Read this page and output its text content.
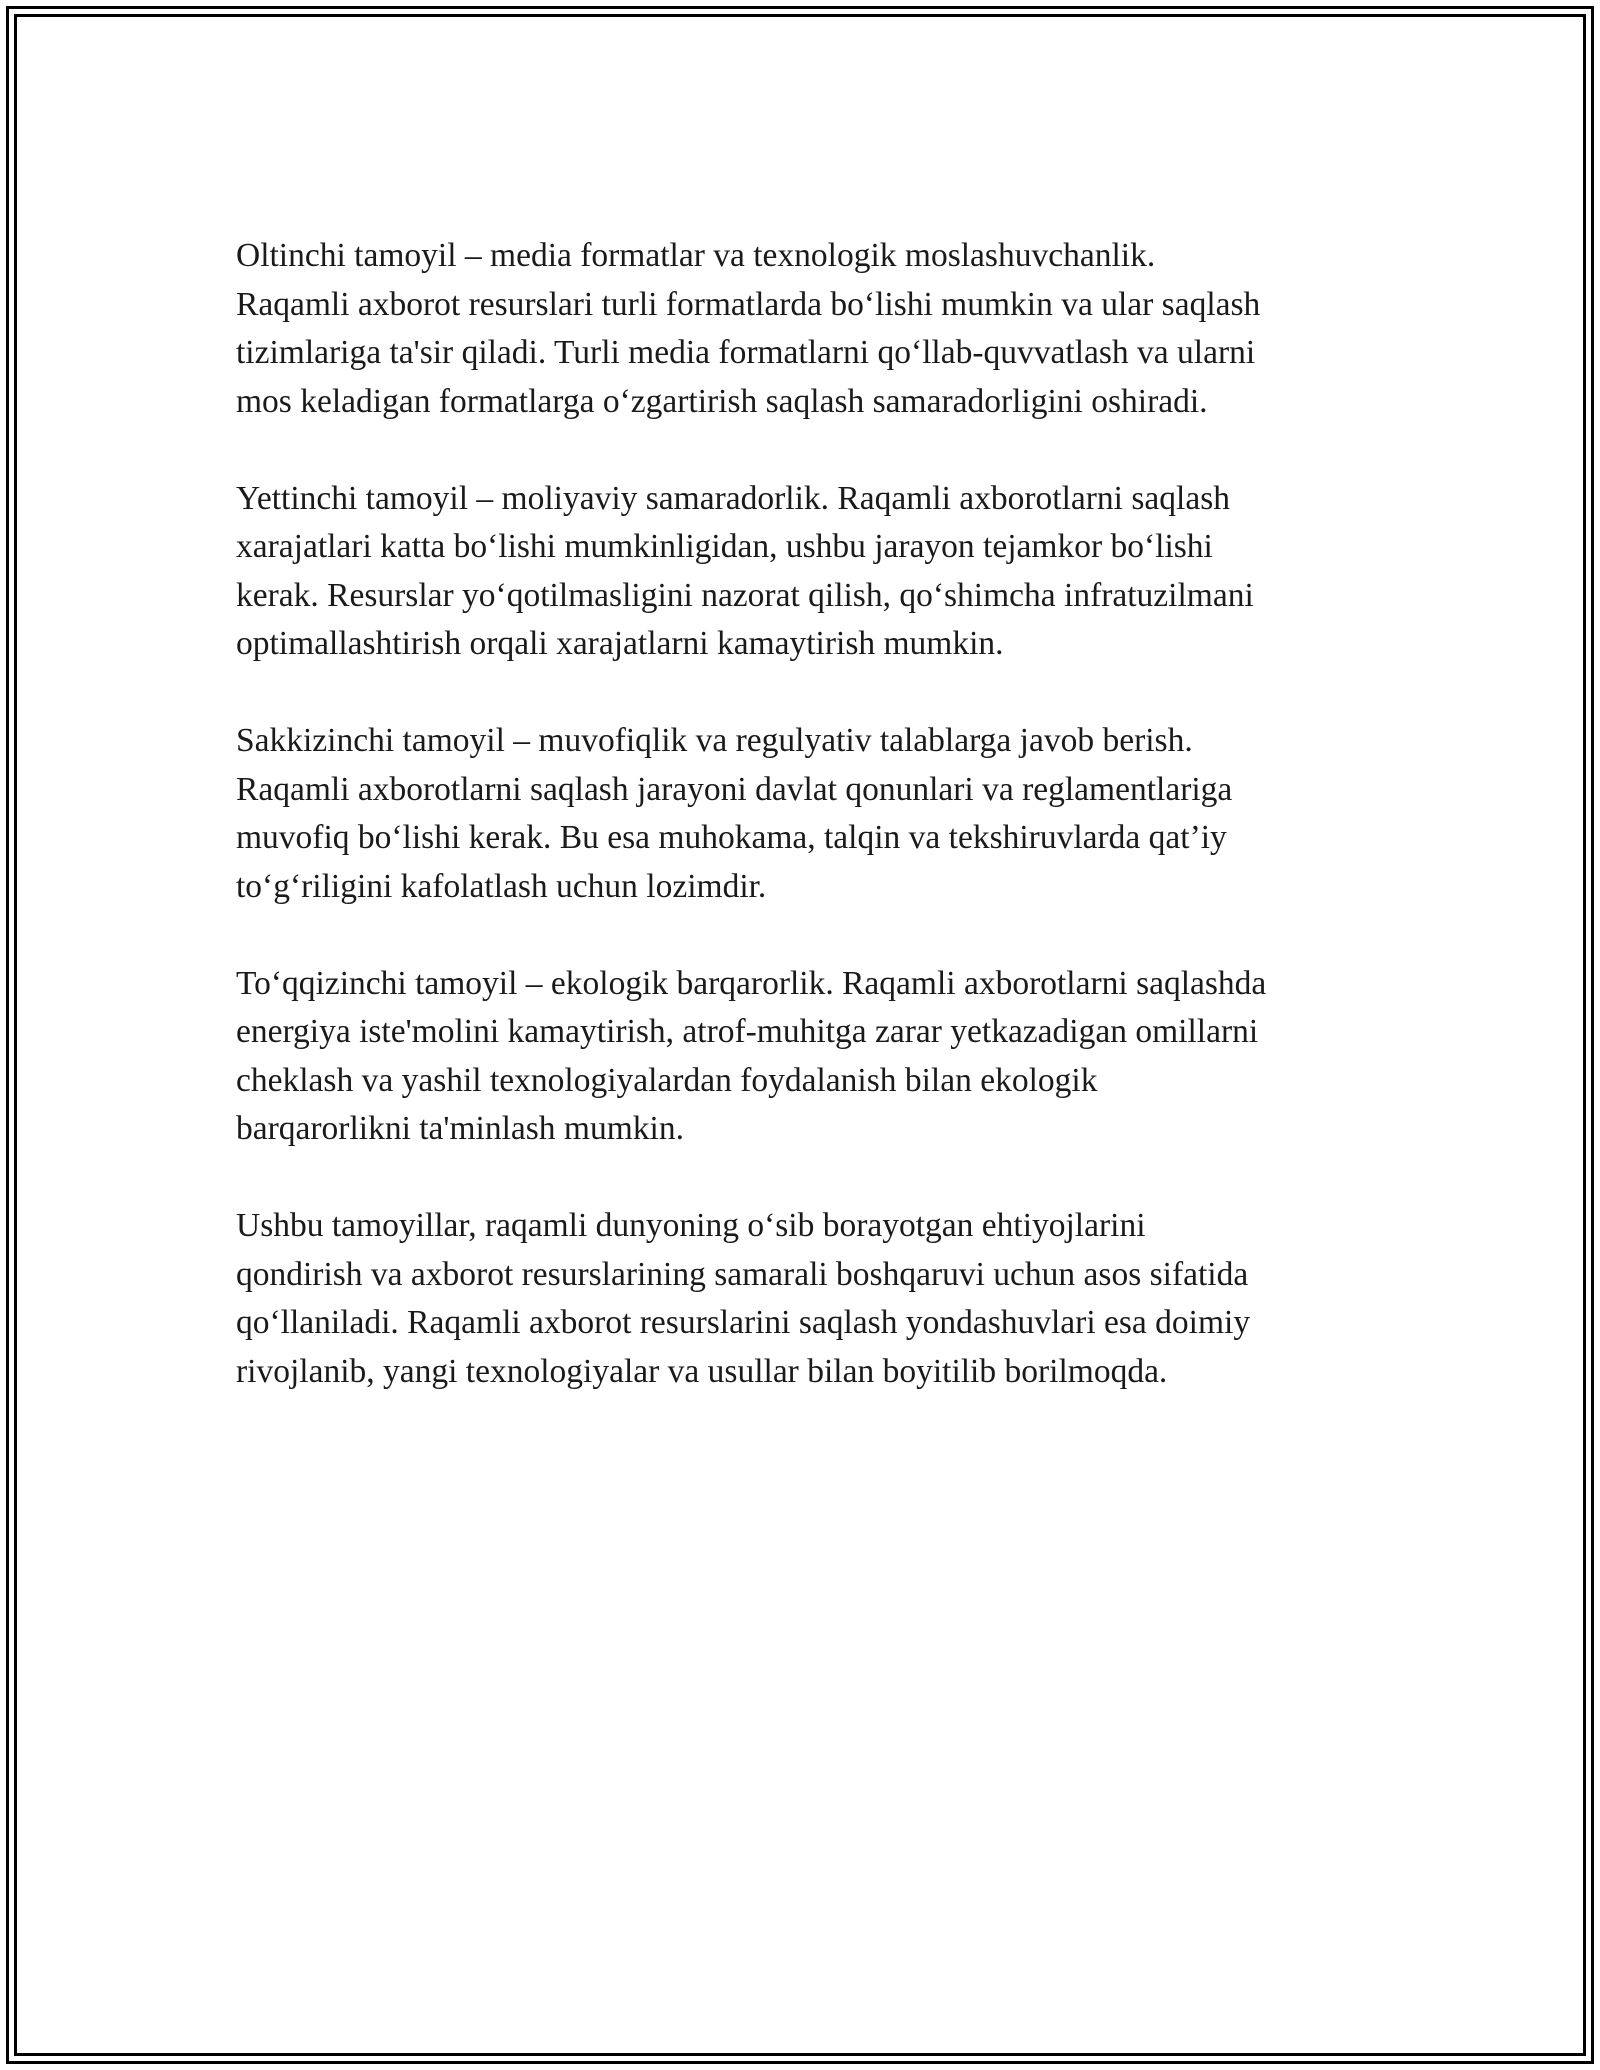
Oltinchi tamoyil – media formatlar va texnologik moslashuvchanlik.
Raqamli axborot resurslari turli formatlarda bo‘lishi mumkin va ular saqlash
tizimlariga ta'sir qiladi. Turli media formatlarni qo‘llab-quvvatlash va ularni
mos keladigan formatlarga o‘zgartirish saqlash samaradorligini oshiradi.

Yettinchi tamoyil – moliyaviy samaradorlik. Raqamli axborotlarni saqlash
xarajatlari katta bo‘lishi mumkinligidan, ushbu jarayon tejamkor bo‘lishi
kerak. Resurslar yo‘qotilmasligini nazorat qilish, qo‘shimcha infratuzilmani
optimallashtirish orqali xarajatlarni kamaytirish mumkin.

Sakkizinchi tamoyil – muvofiqlik va regulyativ talablarga javob berish.
Raqamli axborotlarni saqlash jarayoni davlat qonunlari va reglamentlariga
muvofiq bo‘lishi kerak. Bu esa muhokama, talqin va tekshiruvlarda qat’iy
to‘g‘riligini kafolatlash uchun lozimdir.

To‘qqizinchi tamoyil – ekologik barqarorlik. Raqamli axborotlarni saqlashda
energiya iste'molini kamaytirish, atrof-muhitga zarar yetkazadigan omillarni
cheklash va yashil texnologiyalardan foydalanish bilan ekologik
barqarorlikni ta'minlash mumkin.

Ushbu tamoyillar, raqamli dunyoning o‘sib borayotgan ehtiyojlarini
qondirish va axborot resurslarining samarali boshqaruvi uchun asos sifatida
qo‘llaniladi. Raqamli axborot resurslarini saqlash yondashuvlari esa doimiy
rivojlanib, yangi texnologiyalar va usullar bilan boyitilib borilmoqda.
